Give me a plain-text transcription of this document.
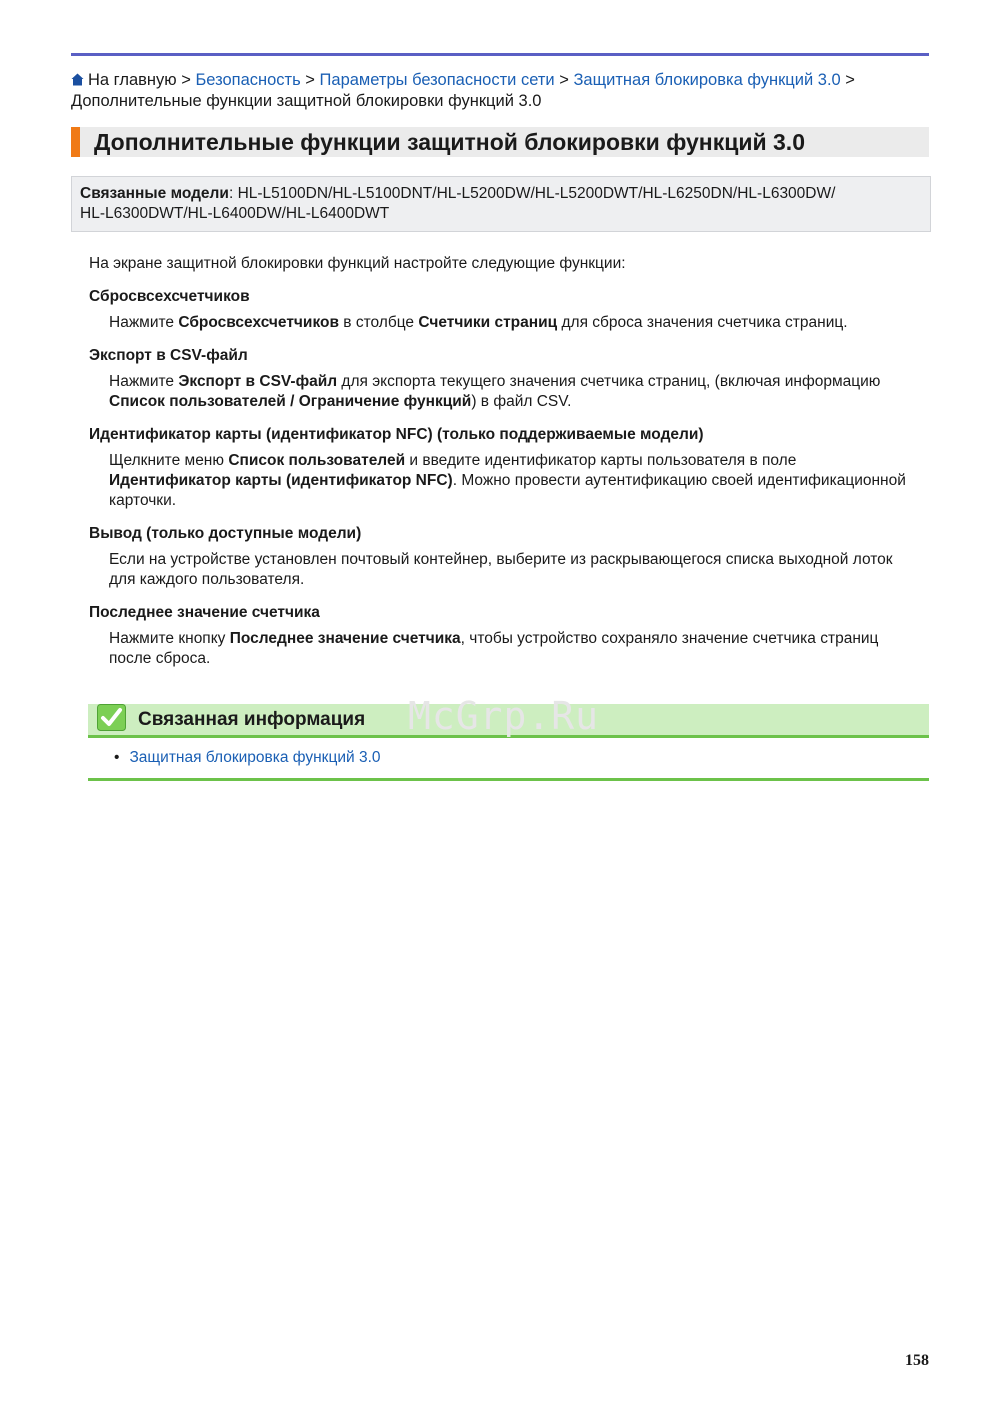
На главную > Безопасность > Параметры безопасности сети > Защитная блокировка функций 3.0 > Дополнительные функции защитной блокировки функций 3.0
Дополнительные функции защитной блокировки функций 3.0
Связанные модели: HL-L5100DN/HL-L5100DNT/HL-L5200DW/HL-L5200DWT/HL-L6250DN/HL-L6300DW/
HL-L6300DWT/HL-L6400DW/HL-L6400DWT

На экране защитной блокировки функций настройте следующие функции:

Сбросвсехсчетчиков

Нажмите Сбросвсехсчетчиков в столбце Счетчики страниц для сброса значения счетчика страниц.

Экспорт в CSV-файл

Нажмите Экспорт в CSV-файл для экспорта текущего значения счетчика страниц, (включая информацию Список пользователей / Ограничение функций) в файл CSV.

Идентификатор карты (идентификатор NFC) (только поддерживаемые модели)

Щелкните меню Список пользователей и введите идентификатор карты пользователя в поле Идентификатор карты (идентификатор NFC). Можно провести аутентификацию своей идентификационной карточки.

Вывод (только доступные модели)

Если на устройстве установлен почтовый контейнер, выберите из раскрывающегося списка выходной лоток для каждого пользователя.

Последнее значение счетчика

Нажмите кнопку Последнее значение счетчика, чтобы устройство сохраняло значение счетчика страниц после сброса.

Связанная информация McGrp.Ru
• Защитная блокировка функций 3.0
158
